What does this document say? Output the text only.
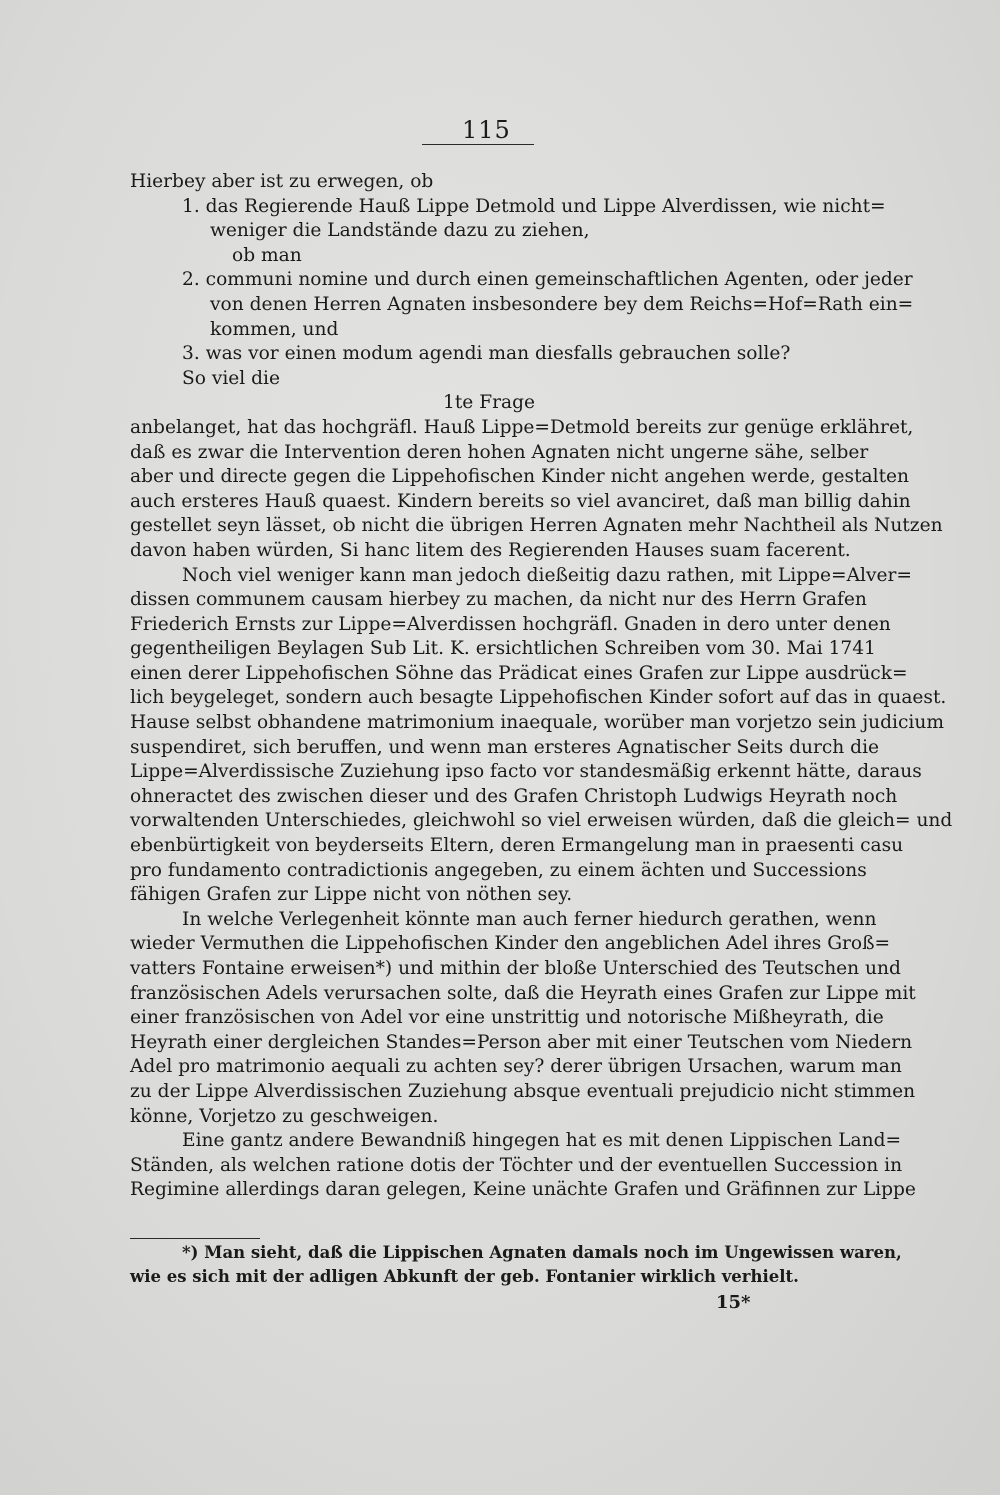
115
Hierbey aber ist zu erwegen, ob
1. das Regierende Hauß Lippe Detmold und Lippe Alverdissen, wie nicht=
weniger die Landstände dazu zu ziehen,
ob man
2. communi nomine und durch einen gemeinschaftlichen Agenten, oder jeder
von denen Herren Agnaten insbesondere bey dem Reichs=Hof=Rath ein=
kommen, und
3. was vor einen modum agendi man diesfalls gebrauchen solle?
So viel die
1te Frage
anbelanget, hat das hochgräfl. Hauß Lippe=Detmold bereits zur genüge erklähret,
daß es zwar die Intervention deren hohen Agnaten nicht ungerne sähe, selber
aber und directe gegen die Lippehofischen Kinder nicht angehen werde, gestalten
auch ersteres Hauß quaest. Kindern bereits so viel avanciret, daß man billig dahin
gestellet seyn lässet, ob nicht die übrigen Herren Agnaten mehr Nachtheil als Nutzen
davon haben würden, Si hanc litem des Regierenden Hauses suam facerent.
Noch viel weniger kann man jedoch dießeitig dazu rathen, mit Lippe=Alver=
dissen communem causam hierbey zu machen, da nicht nur des Herrn Grafen
Friederich Ernsts zur Lippe=Alverdissen hochgräfl. Gnaden in dero unter denen
gegentheiligen Beylagen Sub Lit. K. ersichtlichen Schreiben vom 30. Mai 1741
einen derer Lippehofischen Söhne das Prädicat eines Grafen zur Lippe ausdrück=
lich beygeleget, sondern auch besagte Lippehofischen Kinder sofort auf das in quaest.
Hause selbst obhandene matrimonium inaequale, worüber man vorjetzo sein judicium
suspendiret, sich beruffen, und wenn man ersteres Agnatischer Seits durch die
Lippe=Alverdissische Zuziehung ipso facto vor standesmäßig erkennt hätte, daraus
ohneractet des zwischen dieser und des Grafen Christoph Ludwigs Heyrath noch
vorwaltenden Unterschiedes, gleichwohl so viel erweisen würden, daß die gleich= und
ebenbürtigkeit von beyderseits Eltern, deren Ermangelung man in praesenti casu
pro fundamento contradictionis angegeben, zu einem ächten und Successions
fähigen Grafen zur Lippe nicht von nöthen sey.
In welche Verlegenheit könnte man auch ferner hiedurch gerathen, wenn
wieder Vermuthen die Lippehofischen Kinder den angeblichen Adel ihres Groß=
vatters Fontaine erweisen*) und mithin der bloße Unterschied des Teutschen und
französischen Adels verursachen solte, daß die Heyrath eines Grafen zur Lippe mit
einer französischen von Adel vor eine unstrittig und notorische Mißheyrath, die
Heyrath einer dergleichen Standes=Person aber mit einer Teutschen vom Niedern
Adel pro matrimonio aequali zu achten sey? derer übrigen Ursachen, warum man
zu der Lippe Alverdissischen Zuziehung absque eventuali prejudicio nicht stimmen
könne, Vorjetzo zu geschweigen.
Eine gantz andere Bewandniß hingegen hat es mit denen Lippischen Land=
Ständen, als welchen ratione dotis der Töchter und der eventuellen Succession in
Regimine allerdings daran gelegen, Keine unächte Grafen und Gräfinnen zur Lippe
*) Man sieht, daß die Lippischen Agnaten damals noch im Ungewissen waren,
wie es sich mit der adligen Abkunft der geb. Fontanier wirklich verhielt.
15*
